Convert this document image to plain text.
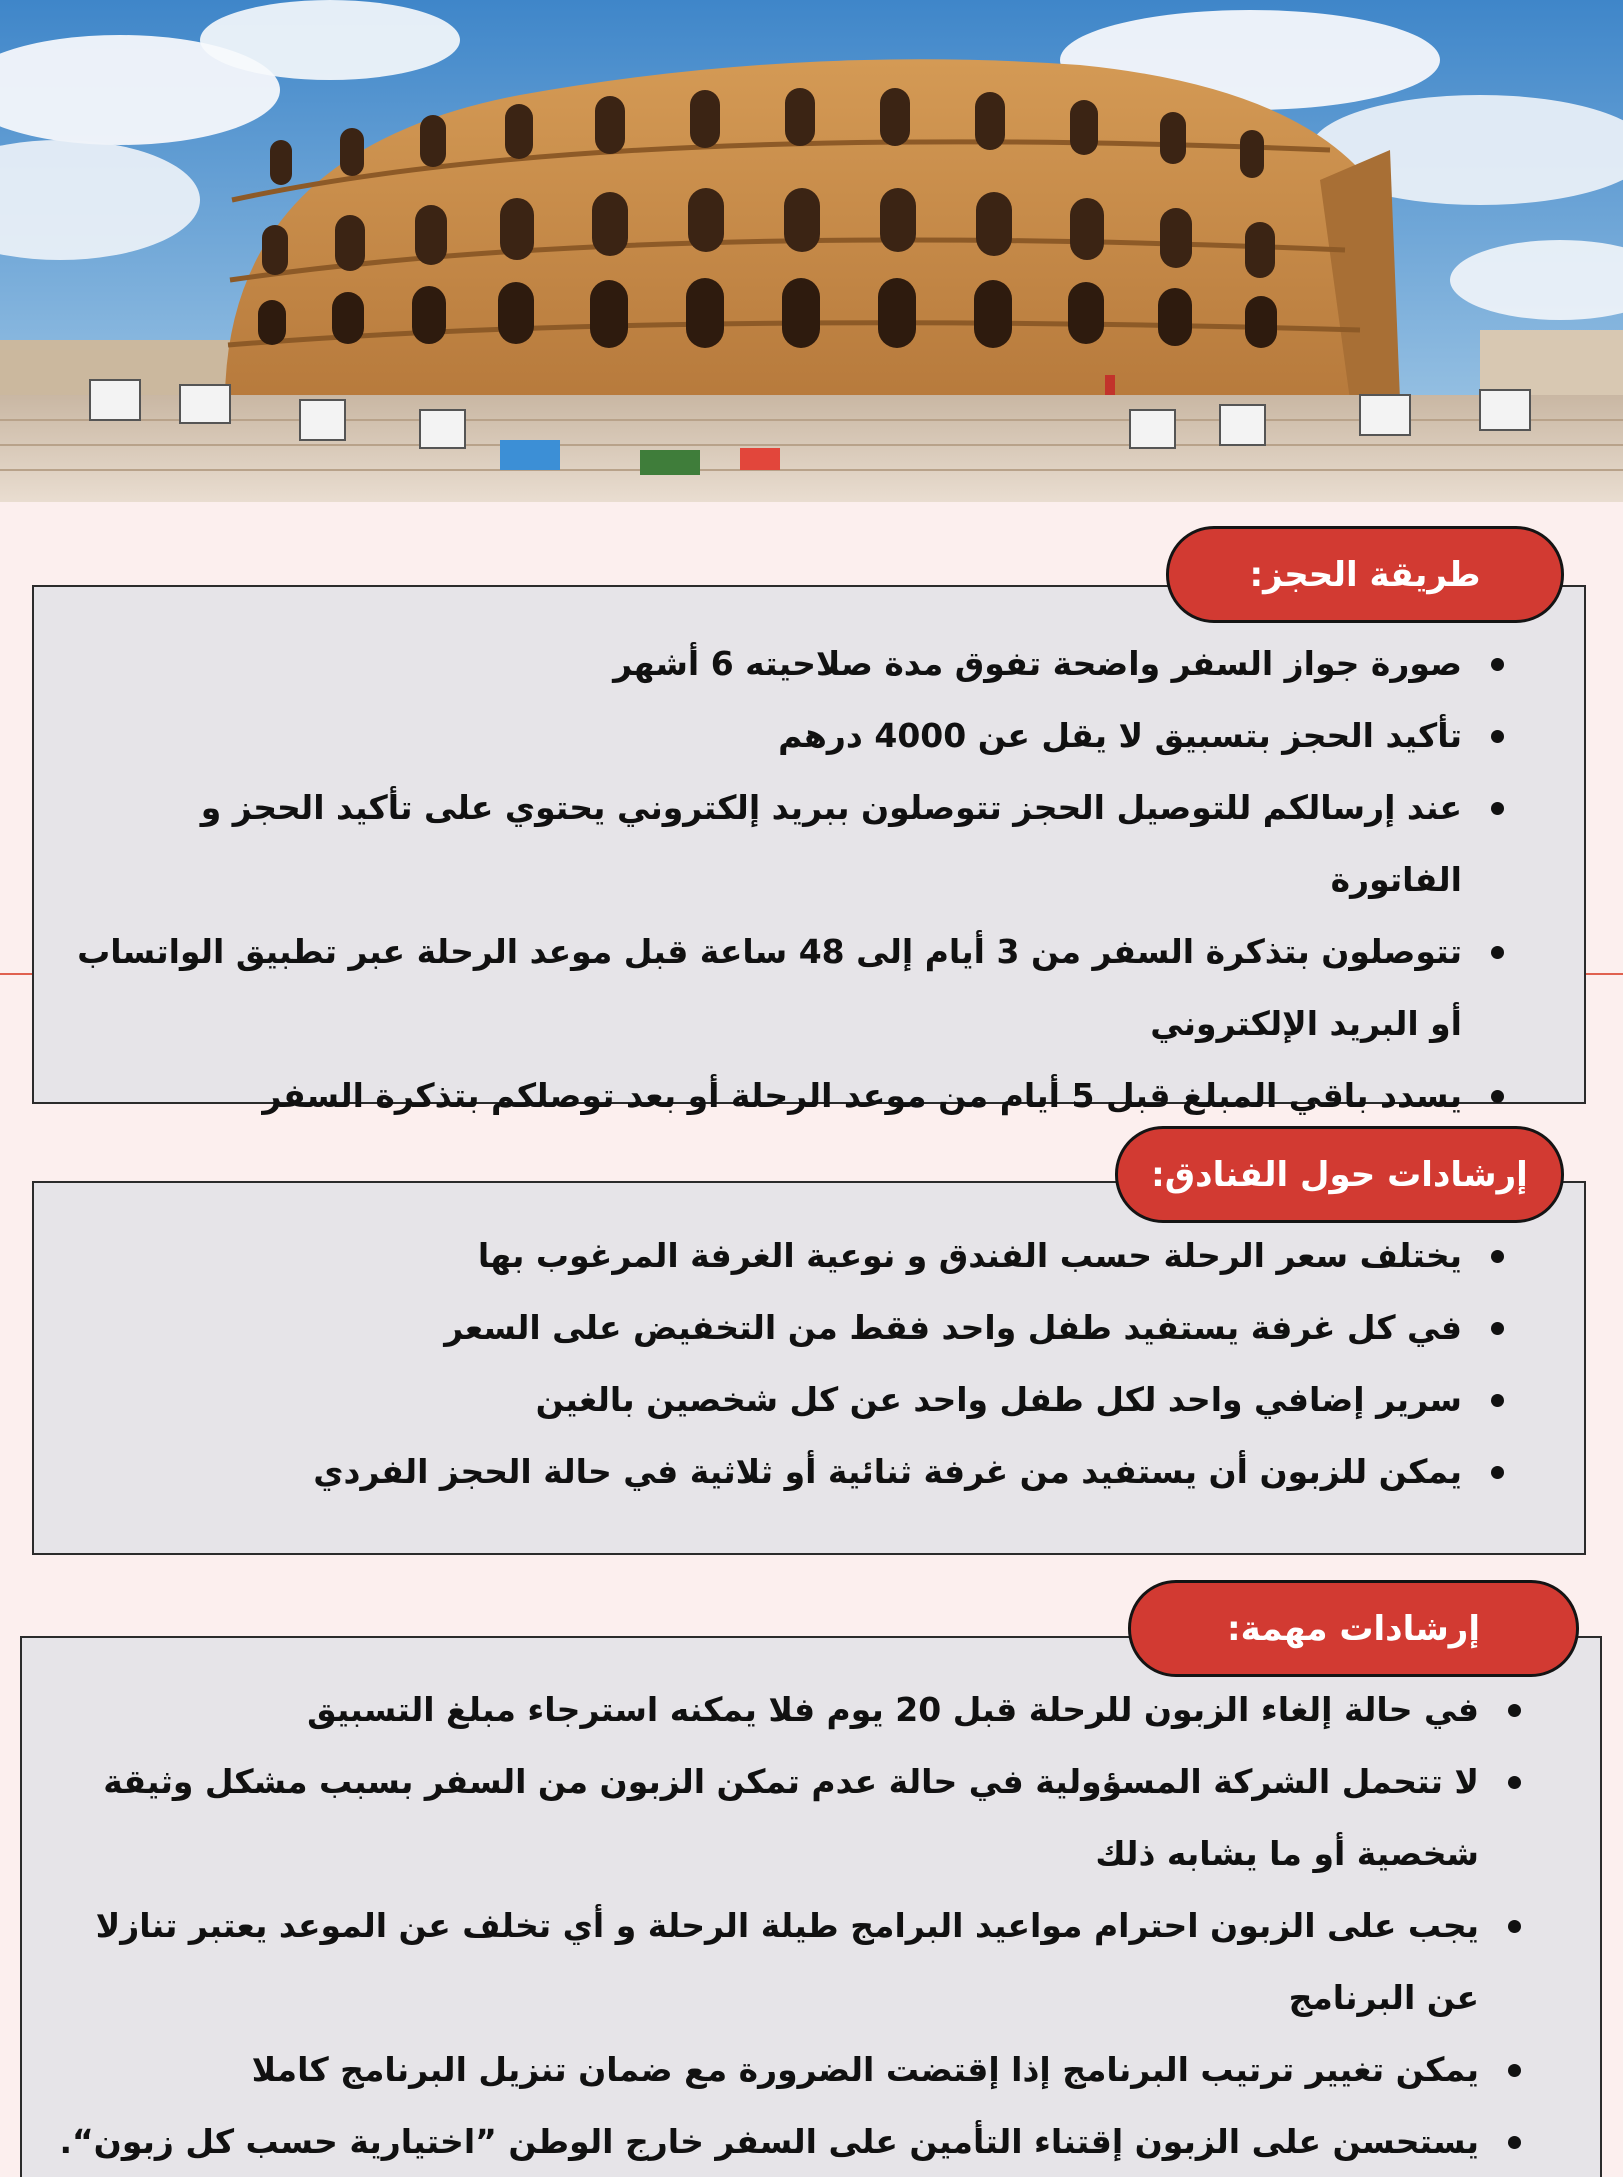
صورة جواز السفر واضحة تفوق مدة صلاحيته 6 أشهر
تأكيد الحجز بتسبيق لا يقل عن 4000 درهم
عند إرسالكم للتوصيل الحجز تتوصلون ببريد إلكتروني يحتوي على تأكيد الحجز و الفاتورة
تتوصلون بتذكرة السفر من 3 أيام إلى 48 ساعة قبل موعد الرحلة عبر تطبيق الواتساب أو البريد الإلكتروني
يسدد باقي المبلغ قبل 5 أيام من موعد الرحلة أو بعد توصلكم بتذكرة السفر
طريقة الحجز:
يختلف سعر الرحلة حسب الفندق و نوعية الغرفة المرغوب بها
في كل غرفة يستفيد طفل واحد فقط من التخفيض على السعر
سرير إضافي واحد لكل طفل واحد عن كل شخصين بالغين
يمكن للزبون أن يستفيد من غرفة ثنائية أو ثلاثية في حالة الحجز الفردي
إرشادات حول الفنادق:
في حالة إلغاء الزبون للرحلة قبل 20 يوم فلا يمكنه استرجاء مبلغ التسبيق
لا تتحمل الشركة المسؤولية في حالة عدم تمكن الزبون من السفر بسبب مشكل وثيقة شخصية أو ما يشابه ذلك
يجب على الزبون احترام مواعيد البرامج طيلة الرحلة و أي تخلف عن الموعد يعتبر تنازلا عن البرنامج
يمكن تغيير ترتيب البرنامج إذا إقتضت الضرورة مع ضمان تنزيل البرنامج كاملا
يستحسن على الزبون إقتناء التأمين على السفر خارج الوطن ”اختيارية حسب كل زبون“.
إرشادات مهمة:
